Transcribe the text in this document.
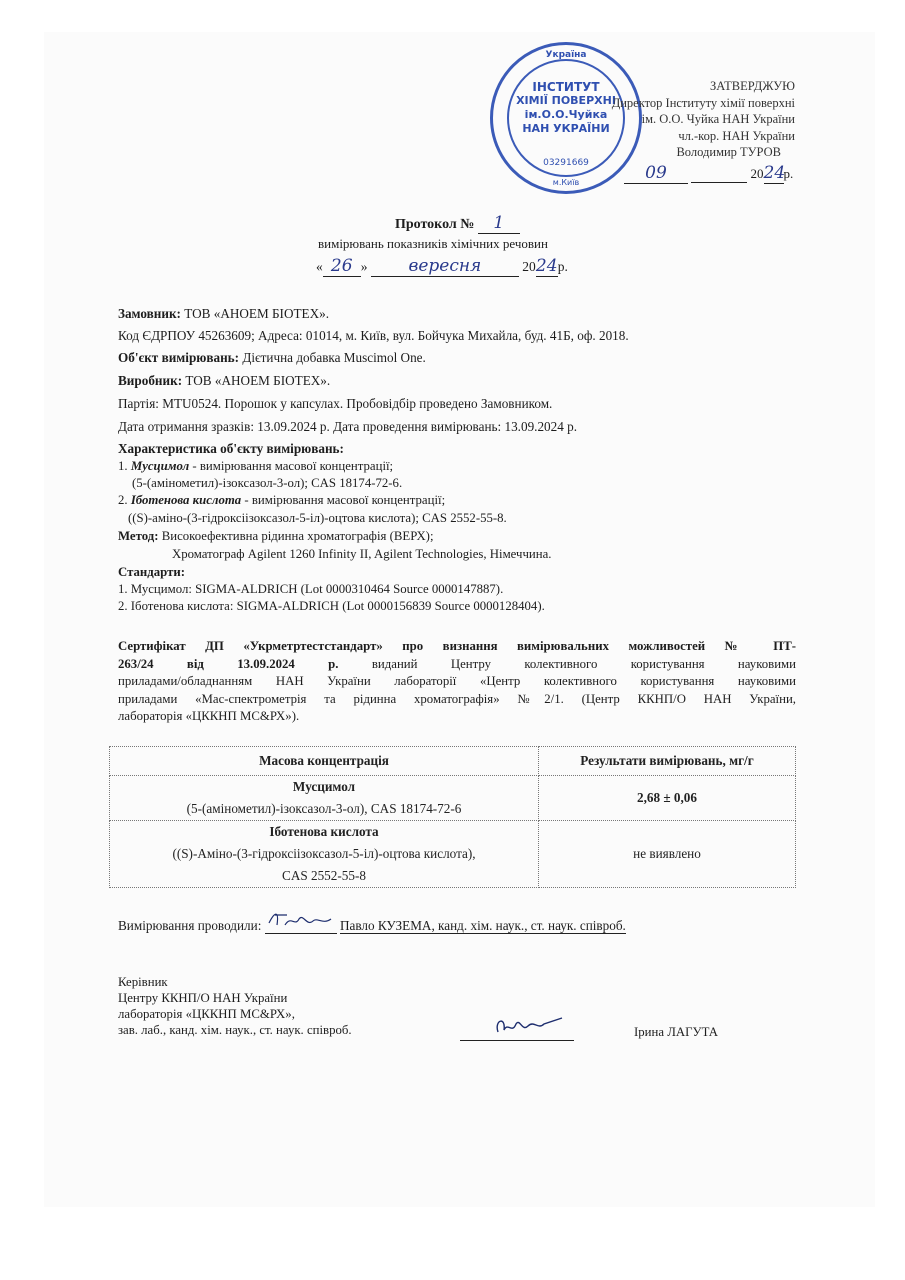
Україна
ІНСТИТУТ
ХІМІЇ ПОВЕРХНІ
ім.О.О.Чуйка
НАН УКРАЇНИ
03291669
м.Київ
ЗАТВЕРДЖУЮ
Директор Інституту хімії поверхні
ім. О.О. Чуйка НАН України
чл.-кор. НАН України
Володимир ТУРОВ
09	2024р.
Протокол № 1
вимірювань показників хімічних речовин
« 26 » вересня	2024р.
Замовник: ТОВ «АНОЕМ БІОТЕХ».
Код ЄДРПОУ 45263609; Адреса: 01014, м. Київ, вул. Бойчука Михайла, буд. 41Б, оф. 2018.
Об'єкт вимірювань: Дієтична добавка Muscimol One.
Виробник: ТОВ «АНОЕМ БІОТЕХ».
Партія: MTU0524. Порошок у капсулах. Пробовідбір проведено Замовником.
Дата отримання зразків: 13.09.2024 р. Дата проведення вимірювань: 13.09.2024 р.
Характеристика об'єкту вимірювань:
1. Мусцимол - вимірювання масової концентрації;
(5-(амінометил)-ізоксазол-3-ол); CAS 18174-72-6.
2. Іботенова кислота - вимірювання масової концентрації;
((S)-аміно-(3-гідроксіізоксазол-5-іл)-оцтова кислота); CAS 2552-55-8.
Метод: Високоефективна рідинна хроматографія (ВЕРХ);
Хроматограф Agilent 1260 Infinity II, Agilent Technologies, Німеччина.
Стандарти:
1. Мусцимол: SIGMA-ALDRICH (Lot 0000310464 Source 0000147887).
2. Іботенова кислота: SIGMA-ALDRICH (Lot 0000156839 Source 0000128404).
Сертифікат ДП «Укрметртестстандарт» про визнання вимірювальних можливостей № ПТ-
263/24 від 13.09.2024 р. виданий Центру колективного користування науковими
приладами/обладнанням НАН України лабораторії «Центр колективного користування науковими
приладами «Мас-спектрометрія та рідинна хроматографія» №2/1. (Центр ККНП/О НАН України,
лабораторія «ЦККНП МС&РХ»).
Масова концентрація	Результати вимірювань, мг/г

Мусцимол
(5-(амінометил)-ізоксазол-3-ол), CAS 18174-72-6	2,68 ± 0,06

Іботенова кислота
((S)-Аміно-(3-гідроксіізоксазол-5-іл)-оцтова кислота),
CAS 2552-55-8	не виявлено
Вимірювання проводили:	Павло КУЗЕМА, канд. хім. наук., ст. наук. співроб.
Керівник
Центру ККНП/О НАН України
лабораторія «ЦККНП МС&РХ»,
зав. лаб., канд. хім. наук., ст. наук. співроб.	Ірина ЛАГУТА
